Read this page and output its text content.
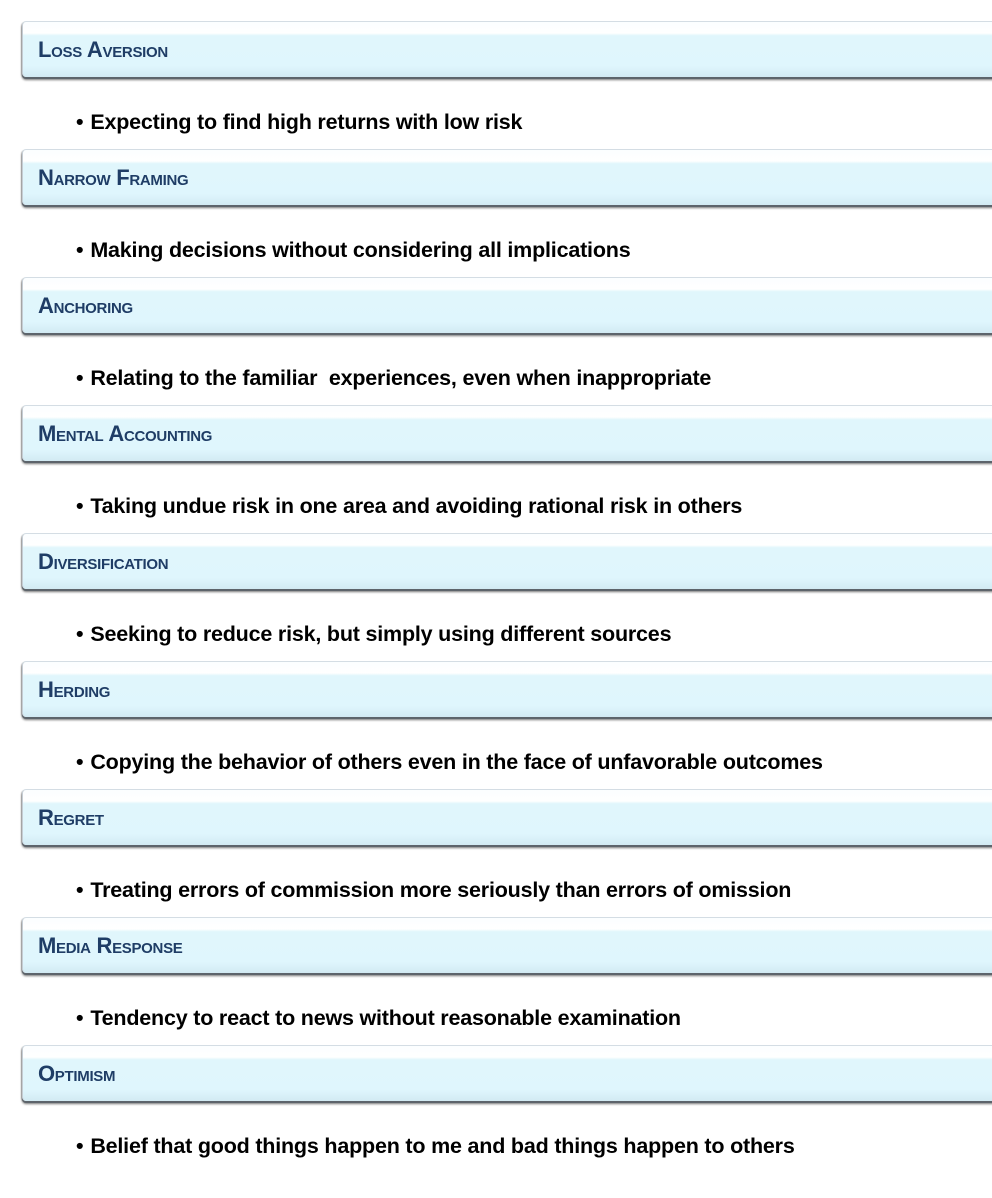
Loss Aversion
• Expecting to find high returns with low risk
Narrow Framing
• Making decisions without considering all implications
Anchoring
• Relating to the familiar  experiences, even when inappropriate
Mental Accounting
• Taking undue risk in one area and avoiding rational risk in others
Diversification
• Seeking to reduce risk, but simply using different sources
Herding
• Copying the behavior of others even in the face of unfavorable outcomes
Regret
• Treating errors of commission more seriously than errors of omission
Media Response
• Tendency to react to news without reasonable examination
Optimism
• Belief that good things happen to me and bad things happen to others
